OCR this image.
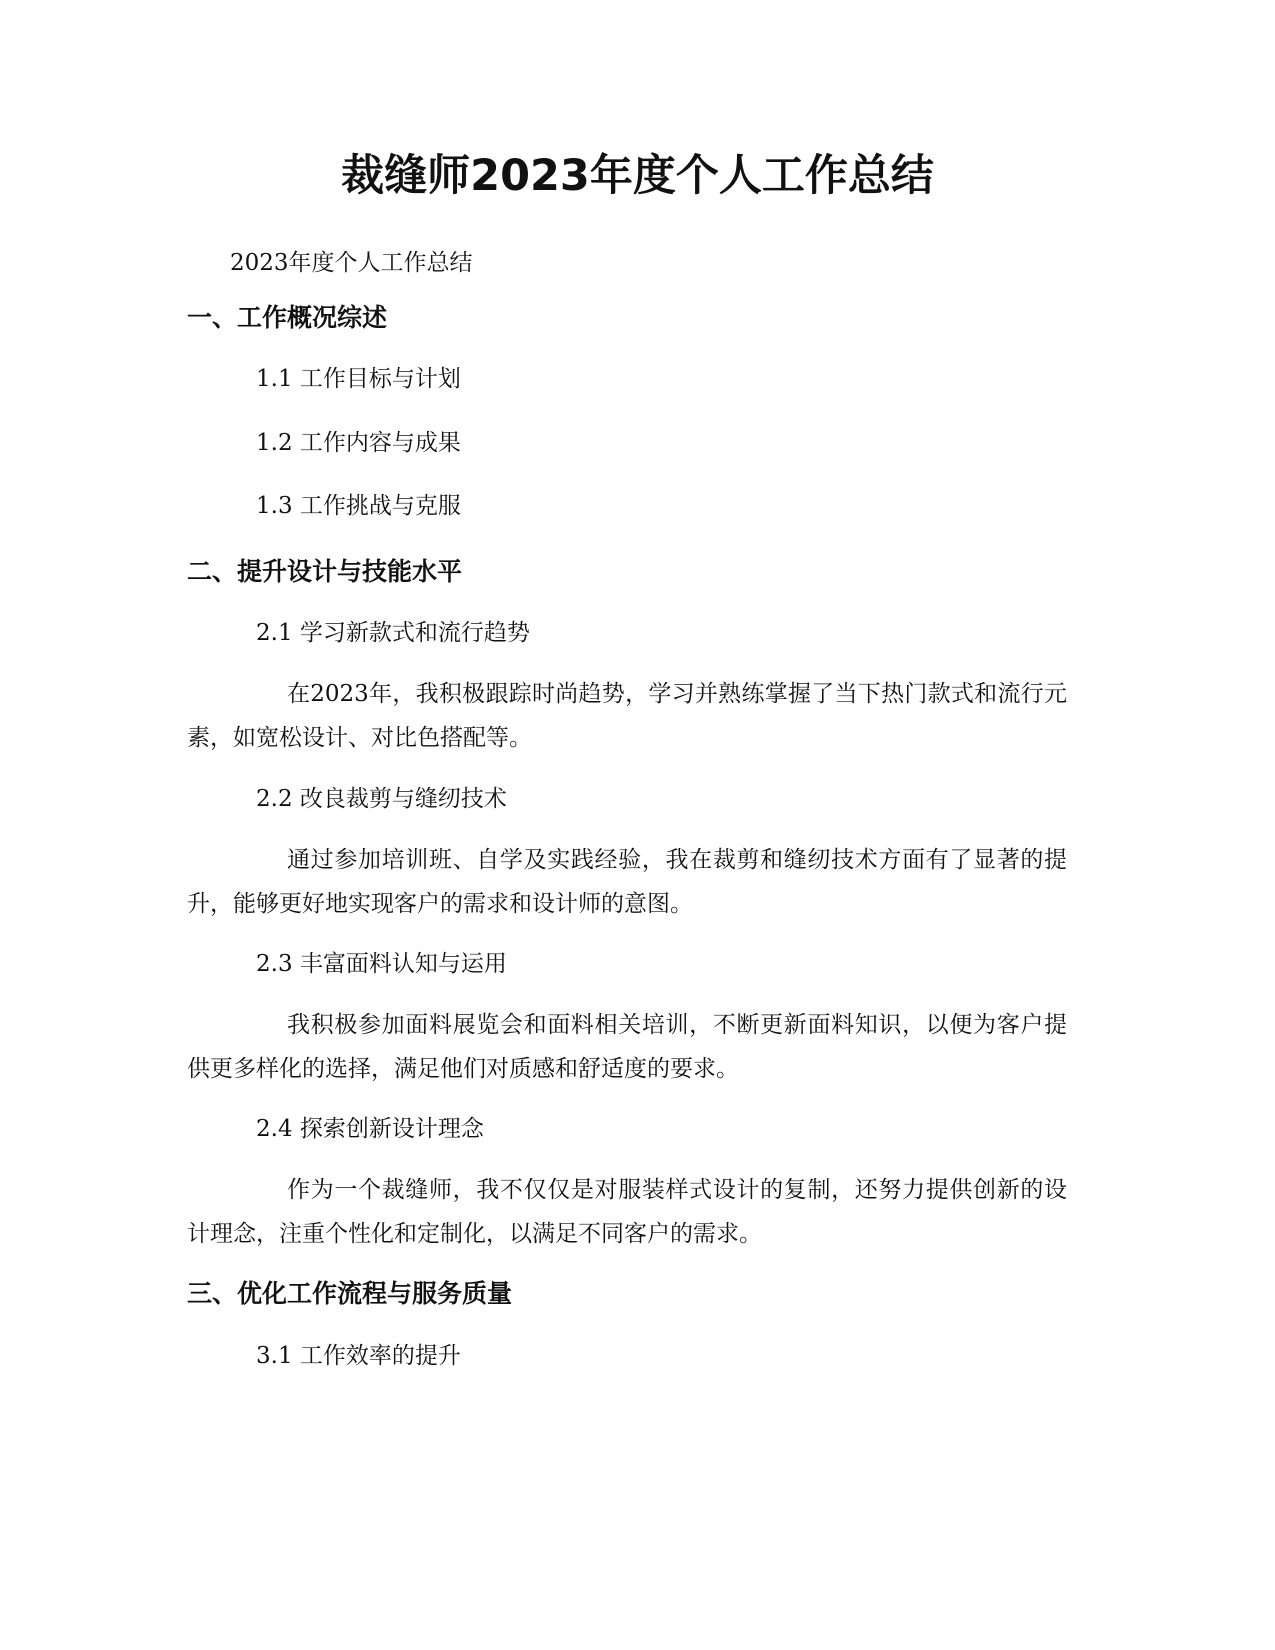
裁缝师2023年度个人工作总结

2023年度个人工作总结

一、工作概况综述

1.1 工作目标与计划

1.2 工作内容与成果

1.3 工作挑战与克服

二、提升设计与技能水平

2.1 学习新款式和流行趋势

在2023年，我积极跟踪时尚趋势，学习并熟练掌握了当下热门款式和流行元素，如宽松设计、对比色搭配等。

2.2 改良裁剪与缝纫技术

通过参加培训班、自学及实践经验，我在裁剪和缝纫技术方面有了显著的提升，能够更好地实现客户的需求和设计师的意图。

2.3 丰富面料认知与运用

我积极参加面料展览会和面料相关培训，不断更新面料知识，以便为客户提供更多样化的选择，满足他们对质感和舒适度的要求。

2.4 探索创新设计理念

作为一个裁缝师，我不仅仅是对服装样式设计的复制，还努力提供创新的设计理念，注重个性化和定制化，以满足不同客户的需求。

三、优化工作流程与服务质量

3.1 工作效率的提升
